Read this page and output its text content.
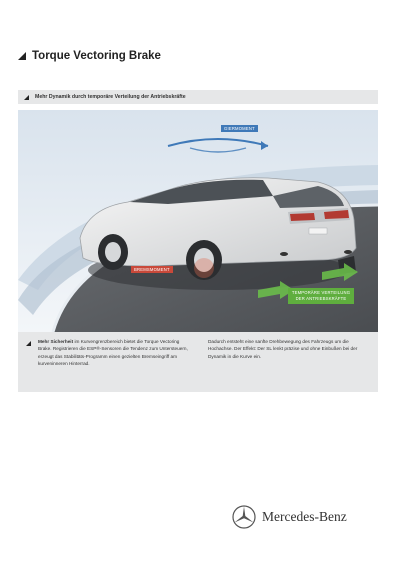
Torque Vectoring Brake
Mehr Dynamik durch temporäre Verteilung der Antriebskräfte
GIERMOMENT
BREMSMOMENT
TEMPORÄRE VERTEILUNG DER ANTRIEBSKRÄFTE
Mehr Sicherheit im Kurvengrenzbereich bietet die Torque Vectoring Brake. Registrieren die ESP®-Sensoren die Tendenz zum Untersteuern, erzeugt das Stabilitäts-Programm einen gezielten Bremseingriff am kurveninneren Hinterrad.
Dadurch entsteht eine sanfte Drehbewegung des Fahrzeugs um die Hochachse. Der Effekt: Der SL lenkt präzise und ohne Einbußen bei der Dynamik in die Kurve ein.
Mercedes-Benz
